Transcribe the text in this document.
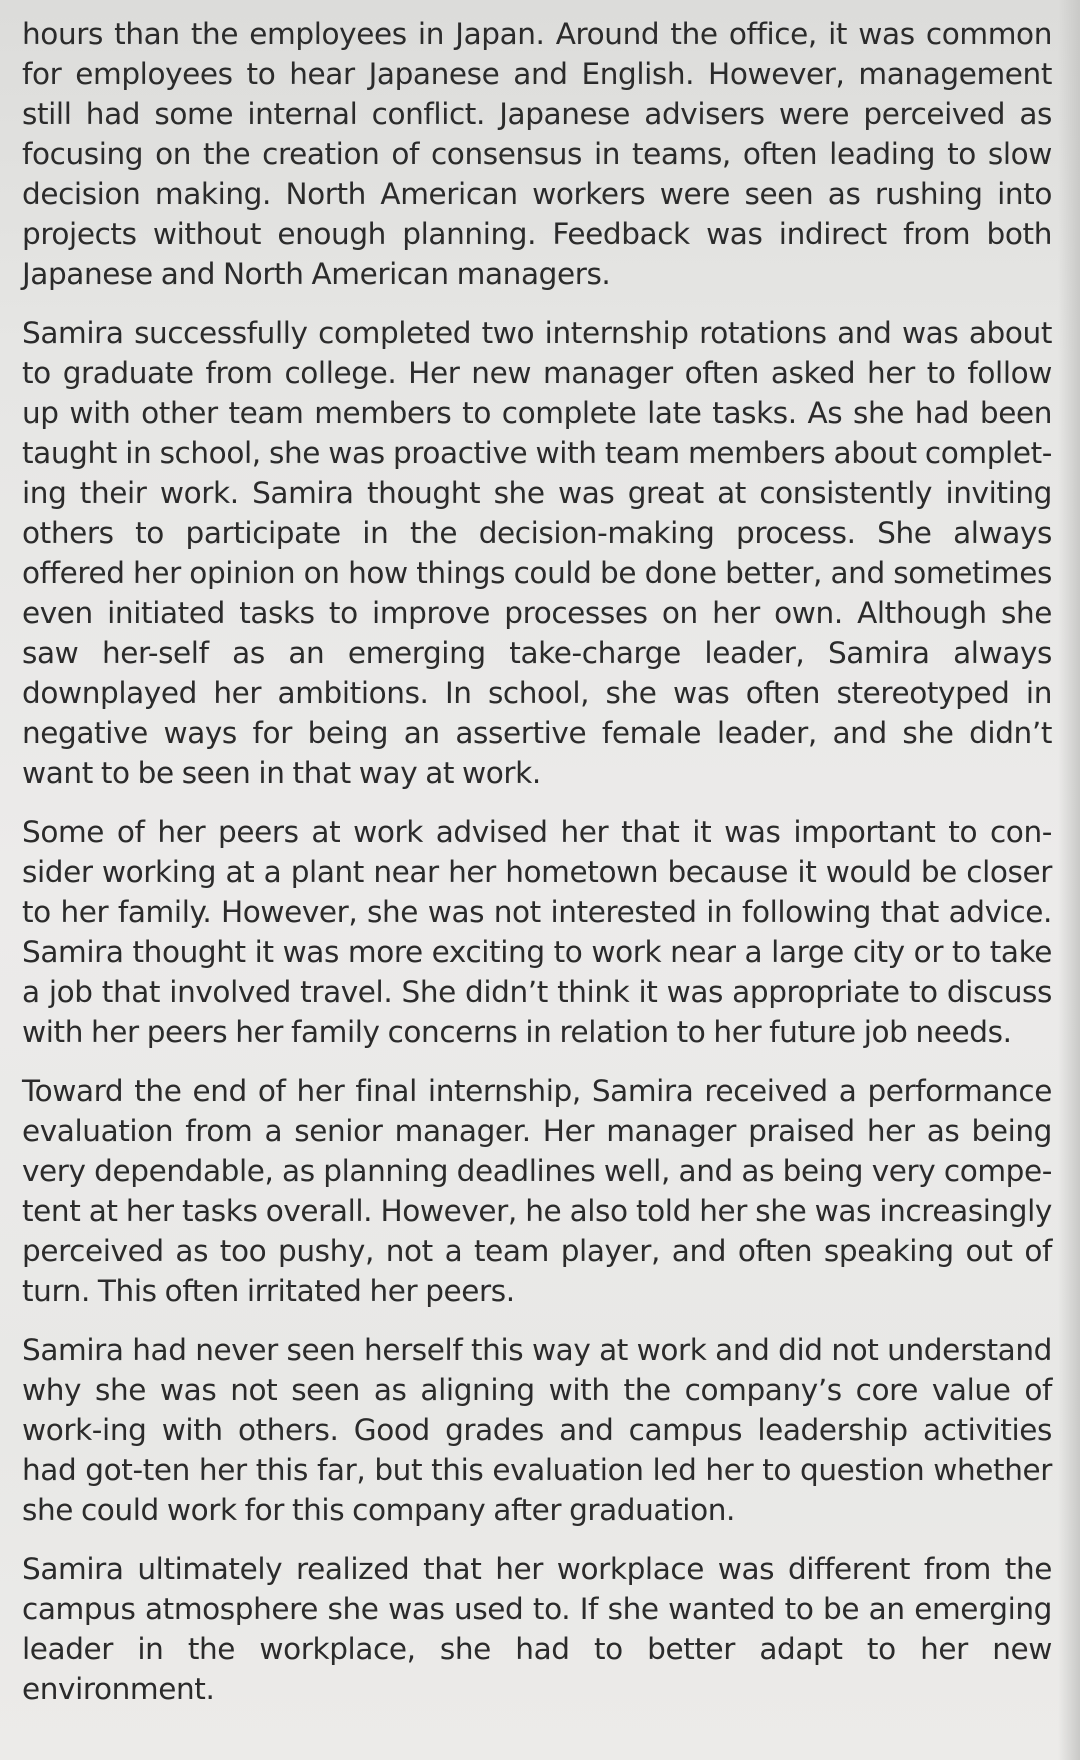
hours than the employees in Japan. Around the office, it was common for employees to hear Japanese and English. However, management still had some internal conflict. Japanese advisers were perceived as focusing on the creation of consensus in teams, often leading to slow decision making. North American workers were seen as rushing into projects without enough planning. Feedback was indirect from both Japanese and North American managers.

Samira successfully completed two internship rotations and was about to graduate from college. Her new manager often asked her to follow up with other team members to complete late tasks. As she had been taught in school, she was proactive with team members about complet-ing their work. Samira thought she was great at consistently inviting others to participate in the decision-making process. She always offered her opinion on how things could be done better, and sometimes even initiated tasks to improve processes on her own. Although she saw her-self as an emerging take-charge leader, Samira always downplayed her ambitions. In school, she was often stereotyped in negative ways for being an assertive female leader, and she didn’t want to be seen in that way at work.

Some of her peers at work advised her that it was important to con-sider working at a plant near her hometown because it would be closer to her family. However, she was not interested in following that advice. Samira thought it was more exciting to work near a large city or to take a job that involved travel. She didn’t think it was appropriate to discuss with her peers her family concerns in relation to her future job needs.

Toward the end of her final internship, Samira received a performance evaluation from a senior manager. Her manager praised her as being very dependable, as planning deadlines well, and as being very compe-tent at her tasks overall. However, he also told her she was increasingly perceived as too pushy, not a team player, and often speaking out of turn. This often irritated her peers.

Samira had never seen herself this way at work and did not understand why she was not seen as aligning with the company’s core value of work-ing with others. Good grades and campus leadership activities had got-ten her this far, but this evaluation led her to question whether she could work for this company after graduation.

Samira ultimately realized that her workplace was different from the campus atmosphere she was used to. If she wanted to be an emerging leader in the workplace, she had to better adapt to her new environment.
